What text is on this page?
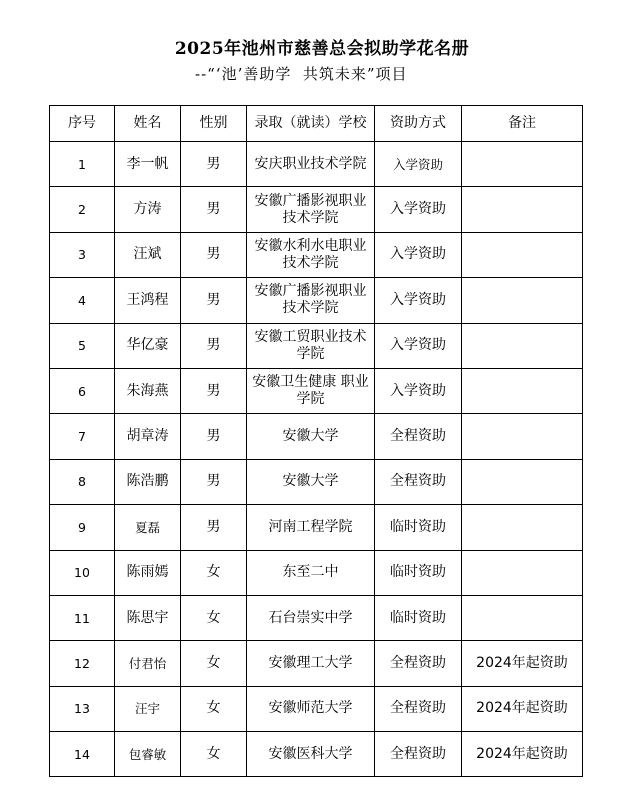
2025年池州市慈善总会拟助学花名册
--“‘池’善助学  共筑未来”项目
序号	姓名	性别	录取（就读）学校	资助方式	备注
1	李一帆	男	安庆职业技术学院	入学资助	
2	方涛	男	安徽广播影视职业技术学院	入学资助	
3	汪斌	男	安徽水利水电职业技术学院	入学资助	
4	王鸿程	男	安徽广播影视职业技术学院	入学资助	
5	华亿豪	男	安徽工贸职业技术学院	入学资助	
6	朱海燕	男	安徽卫生健康 职业学院	入学资助	
7	胡章涛	男	安徽大学	全程资助	
8	陈浩鹏	男	安徽大学	全程资助	
9	夏磊	男	河南工程学院	临时资助	
10	陈雨嫣	女	东至二中	临时资助	
11	陈思宇	女	石台崇实中学	临时资助	
12	付君怡	女	安徽理工大学	全程资助	2024年起资助
13	汪宇	女	安徽师范大学	全程资助	2024年起资助
14	包睿敏	女	安徽医科大学	全程资助	2024年起资助
